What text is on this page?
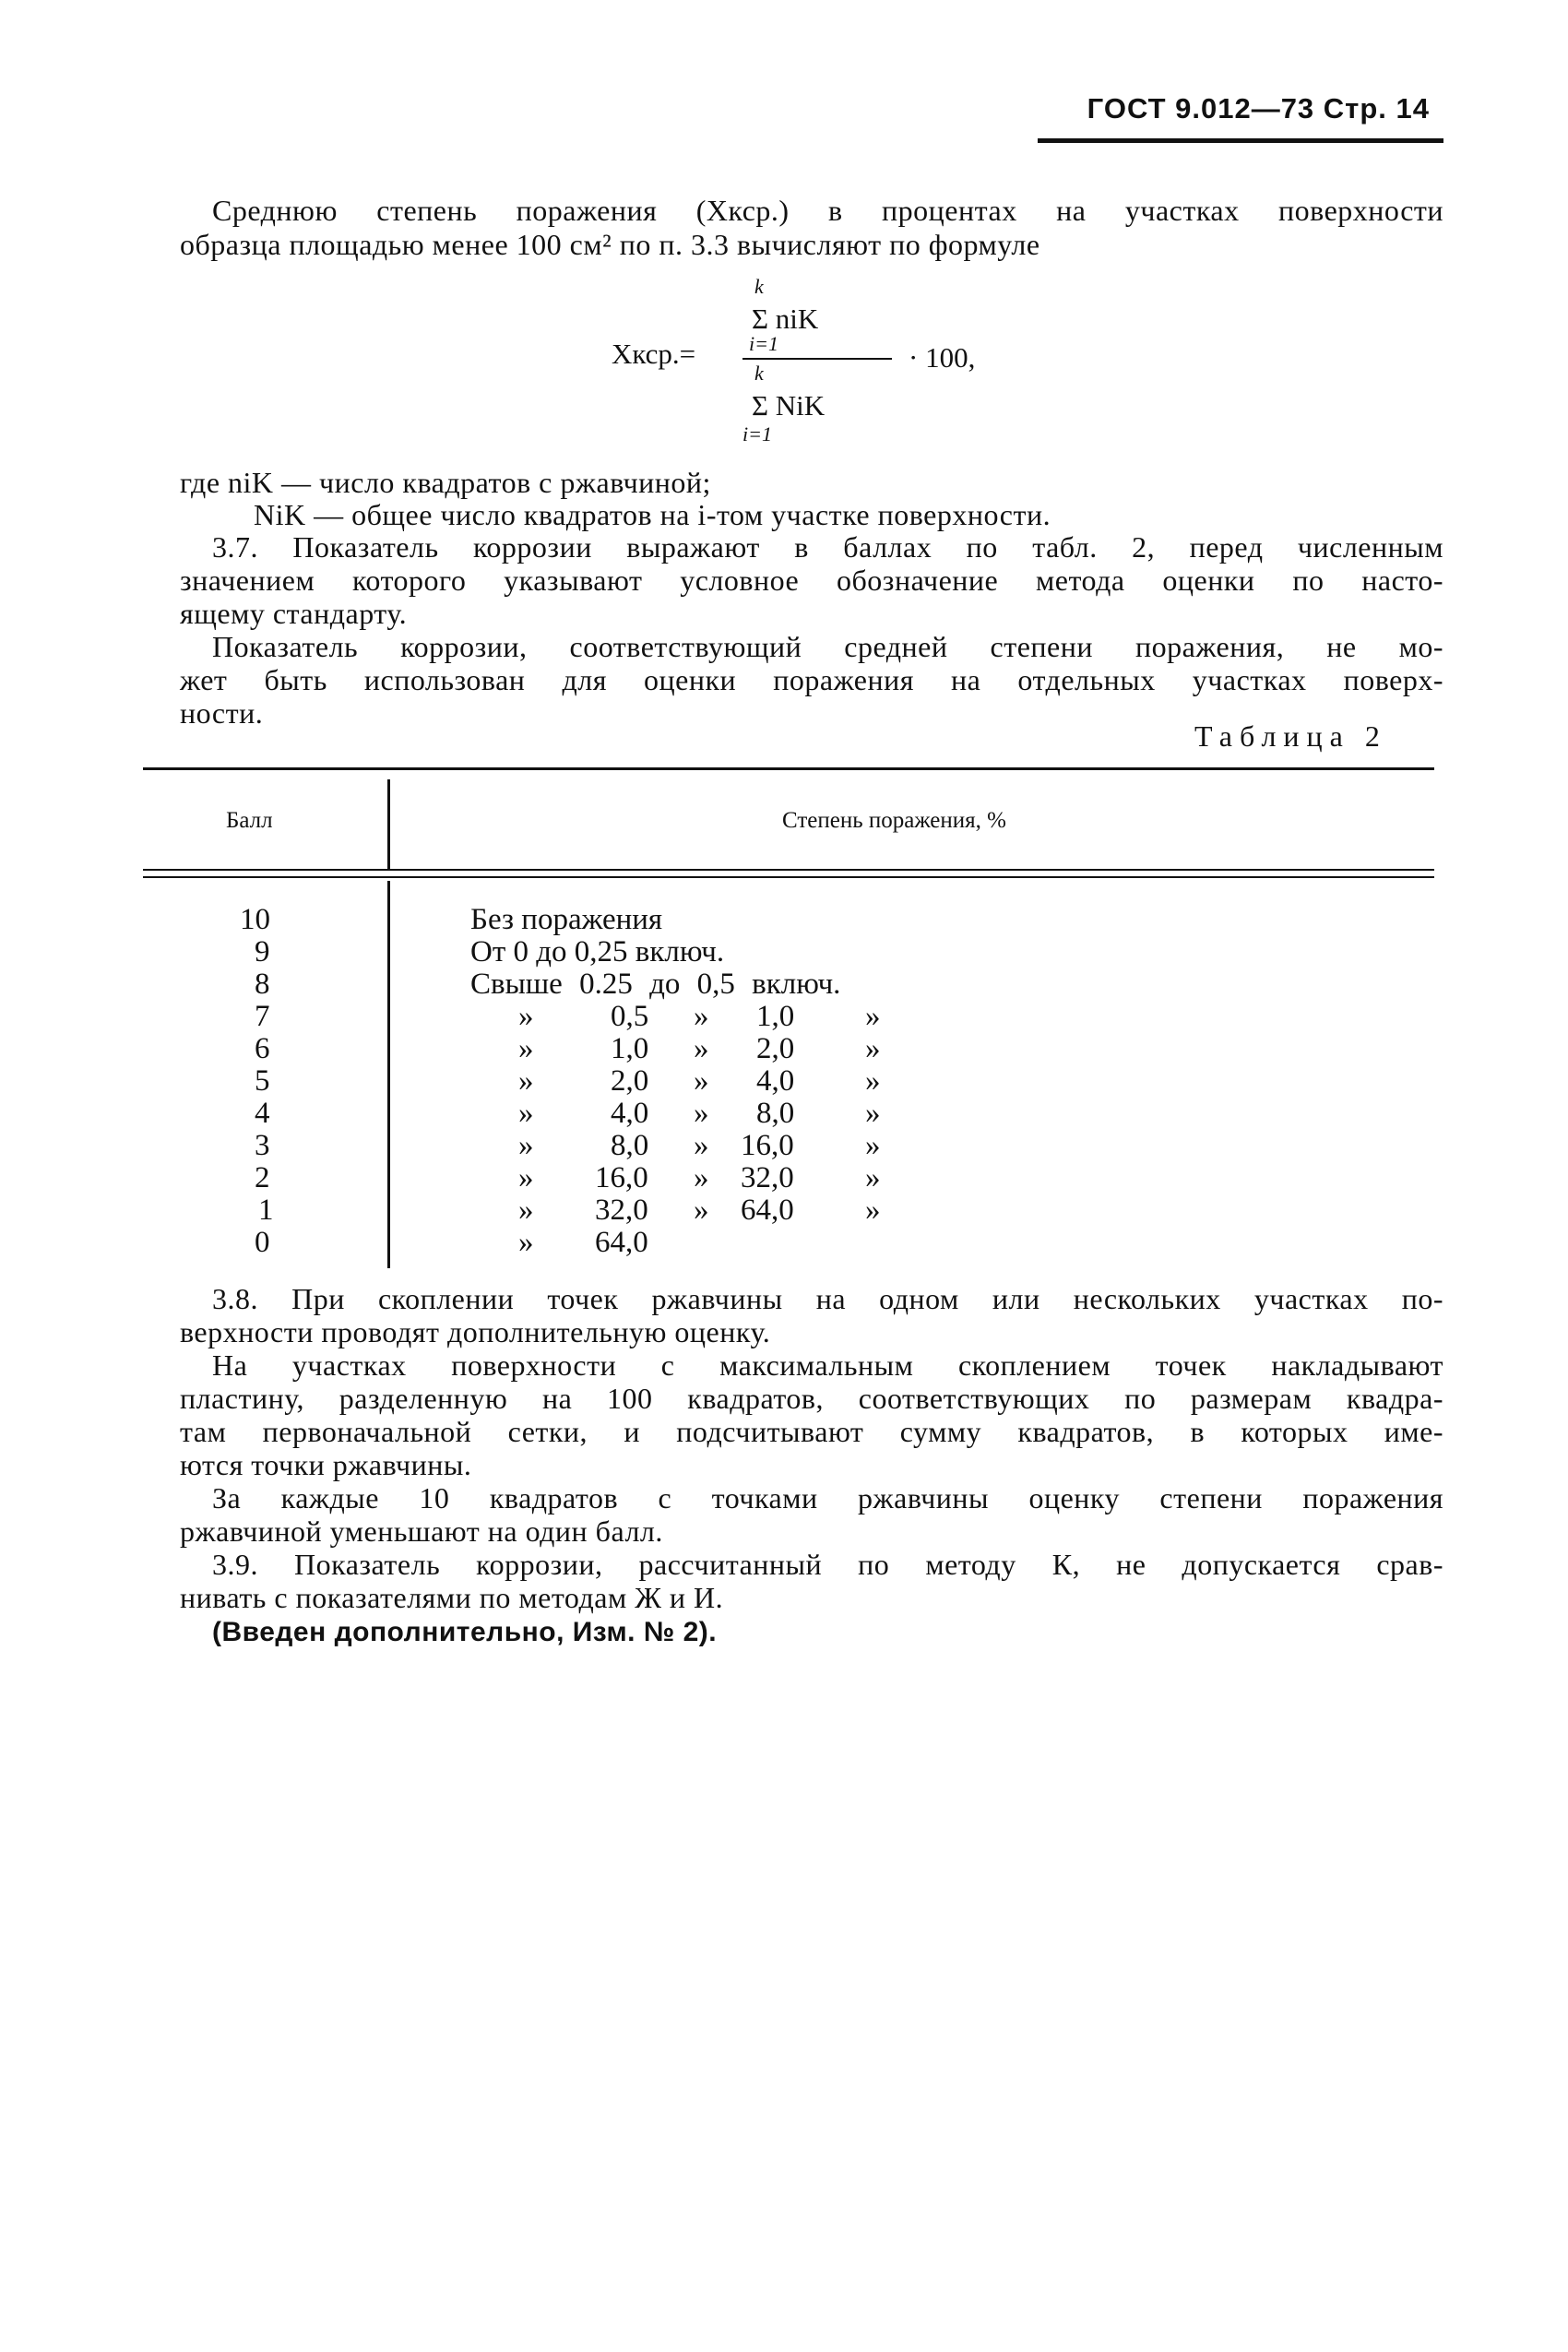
ГОСТ 9.012—73 Стр. 14
Среднюю степень поражения (Xкср.) в процентах на участках поверхности
образца площадью менее 100 см² по п. 3.3 вычисляют по формуле
k
Σ nіK
i=1
Xкср.=	· 100,
k
Σ NіK
i=1
где nіK — число квадратов с ржавчиной;
NіK — общее число квадратов на i-том участке поверхности.
3.7. Показатель коррозии выражают в баллах по табл. 2, перед численным
значением которого указывают условное обозначение метода оценки по насто-
ящему стандарту.
Показатель коррозии, соответствующий средней степени поражения, не мо-
жет быть использован для оценки поражения на отдельных участках поверх-
ности.
Таблица 2
Балл	Степень поражения, %
10	Без поражения
9	От 0 до 0,25 включ.
8	Свыше 0.25 до 0,5 включ.
7	»	0,5 » 1,0 »
6	»	1,0 » 2,0 »
5	»	2,0 » 4,0 »
4	»	4,0 » 8,0 »
3	»	8,0 » 16,0 »
2	» 16,0 » 32,0 »
1	» 32,0 » 64,0 »
0	» 64,0
3.8. При скоплении точек ржавчины на одном или нескольких участках по-
верхности проводят дополнительную оценку.
На участках поверхности с максимальным скоплением точек накладывают
пластину, разделенную на 100 квадратов, соответствующих по размерам квадра-
там первоначальной сетки, и подсчитывают сумму квадратов, в которых име-
ются точки ржавчины.
За каждые 10 квадратов с точками ржавчины оценку степени поражения
ржавчиной уменьшают на один балл.
3.9. Показатель коррозии, рассчитанный по методу К, не допускается срав-
нивать с показателями по методам Ж и И.
(Введен дополнительно, Изм. № 2).
